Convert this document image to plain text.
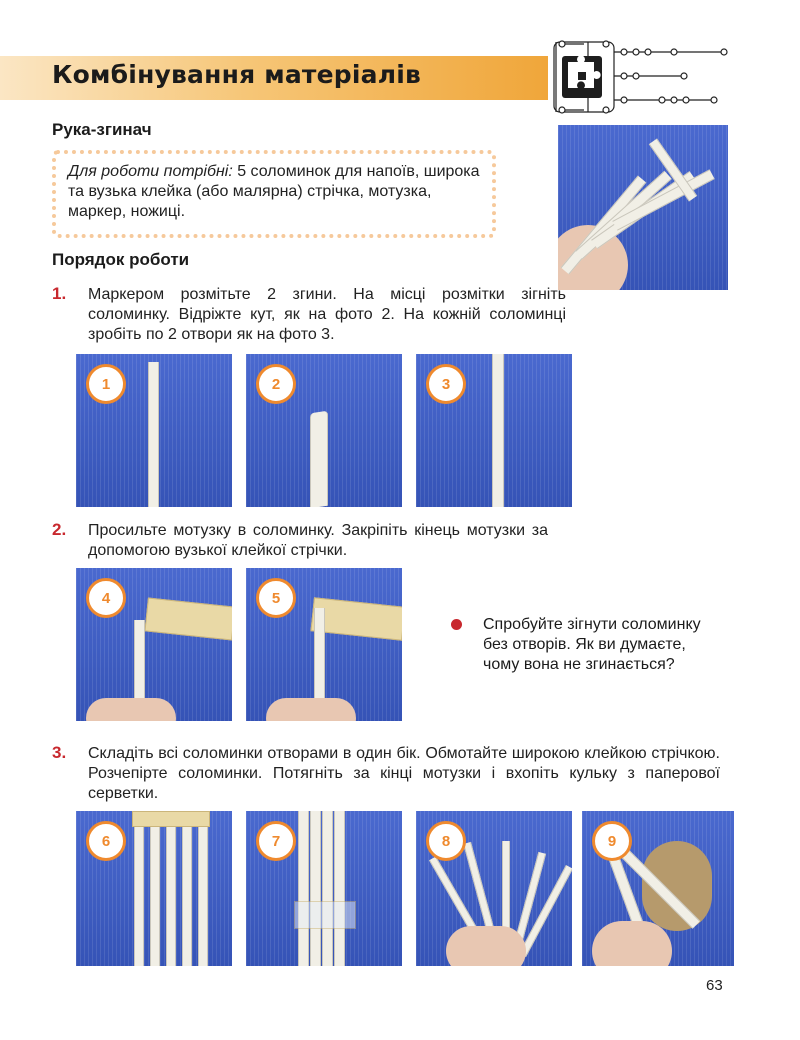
Комбінування матеріалів
Рука-згинач
Для роботи потрібні: 5 соломинок для напоїв, широка та вузька клейка (або малярна) стрічка, мотузка, маркер, ножиці.
Порядок роботи
1. Маркером розмітьте 2 згини. На місці розмітки зігніть соломинку. Відріжте кут, як на фото 2. На кожній соломинці зробіть по 2 отвори як на фото 3.
1	2	3
2. Просильте мотузку в соломинку. Закріпіть кінець мотузки за допомогою вузької клейкої стрічки.
4	5
Спробуйте зігнути соломинку без отворів. Як ви думаєте, чому вона не згинається?
3. Складіть всі соломинки отворами в один бік. Обмотайте широкою клейкою стрічкою. Розчепірте соломинки. Потягніть за кінці мотузки і вхопіть кульку з паперової серветки.
6	7	8	9
63
